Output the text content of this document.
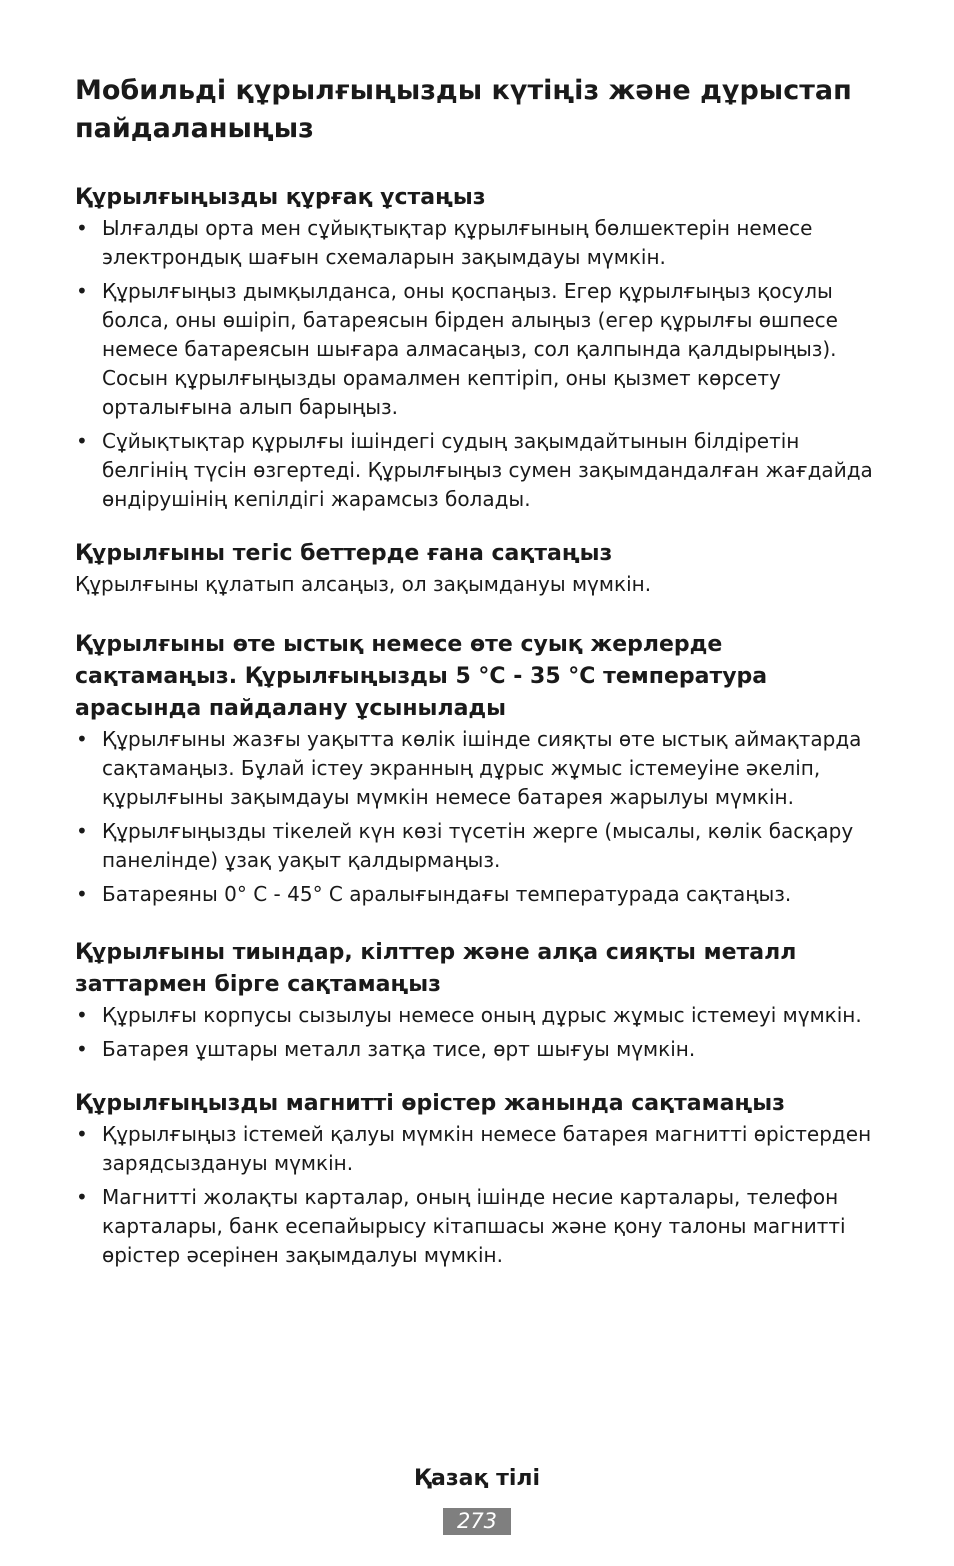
Мобильді құрылғыңызды күтіңіз және дұрыстап пайдаланыңыз
Құрылғыңызды құрғақ ұстаңыз
• Ылғалды орта мен сұйықтықтар құрылғының бөлшектерін немесе электрондық шағын схемаларын зақымдауы мүмкін.
• Құрылғыңыз дымқылданса, оны қоспаңыз. Егер құрылғыңыз қосулы болса, оны өшіріп, батареясын бірден алыңыз (егер құрылғы өшпесе немесе батареясын шығара алмасаңыз, сол қалпында қалдырыңыз). Сосын құрылғыңызды орамалмен кептіріп, оны қызмет көрсету орталығына алып барыңыз.
• Сұйықтықтар құрылғы ішіндегі судың зақымдайтынын білдіретін белгінің түсін өзгертеді. Құрылғыңыз сумен зақымдандалған жағдайда өндірушінің кепілдігі жарамсыз болады.
Құрылғыны тегіс беттерде ғана сақтаңыз

Құрылғыны құлатып алсаңыз, ол зақымдануы мүмкін.

Құрылғыны өте ыстық немесе өте суық жерлерде сақтамаңыз. Құрылғыңызды 5 °C - 35 °C температура арасында пайдалану ұсынылады
• Құрылғыны жазғы уақытта көлік ішінде сияқты өте ыстық аймақтарда сақтамаңыз. Бұлай істеу экранның дұрыс жұмыс істемеуіне әкеліп, құрылғыны зақымдауы мүмкін немесе батарея жарылуы мүмкін.
• Құрылғыңызды тікелей күн көзі түсетін жерге (мысалы, көлік басқару панелінде) ұзақ уақыт қалдырмаңыз.
• Батареяны 0° С - 45° С аралығындағы температурада сақтаңыз.
Құрылғыны тиындар, кілттер және алқа сияқты металл заттармен бірге сақтамаңыз
• Құрылғы корпусы сызылуы немесе оның дұрыс жұмыс істемеуі мүмкін.
• Батарея ұштары металл затқа тисе, өрт шығуы мүмкін.
Құрылғыңызды магнитті өрістер жанында сақтамаңыз
• Құрылғыңыз істемей қалуы мүмкін немесе батарея магнитті өрістерден зарядсыздануы мүмкін.
• Магнитті жолақты карталар, оның ішінде несие карталары, телефон карталары, банк есепайырысу кітапшасы және қону талоны магнитті өрістер әсерінен зақымдалуы мүмкін.
Қазақ тілі
273
